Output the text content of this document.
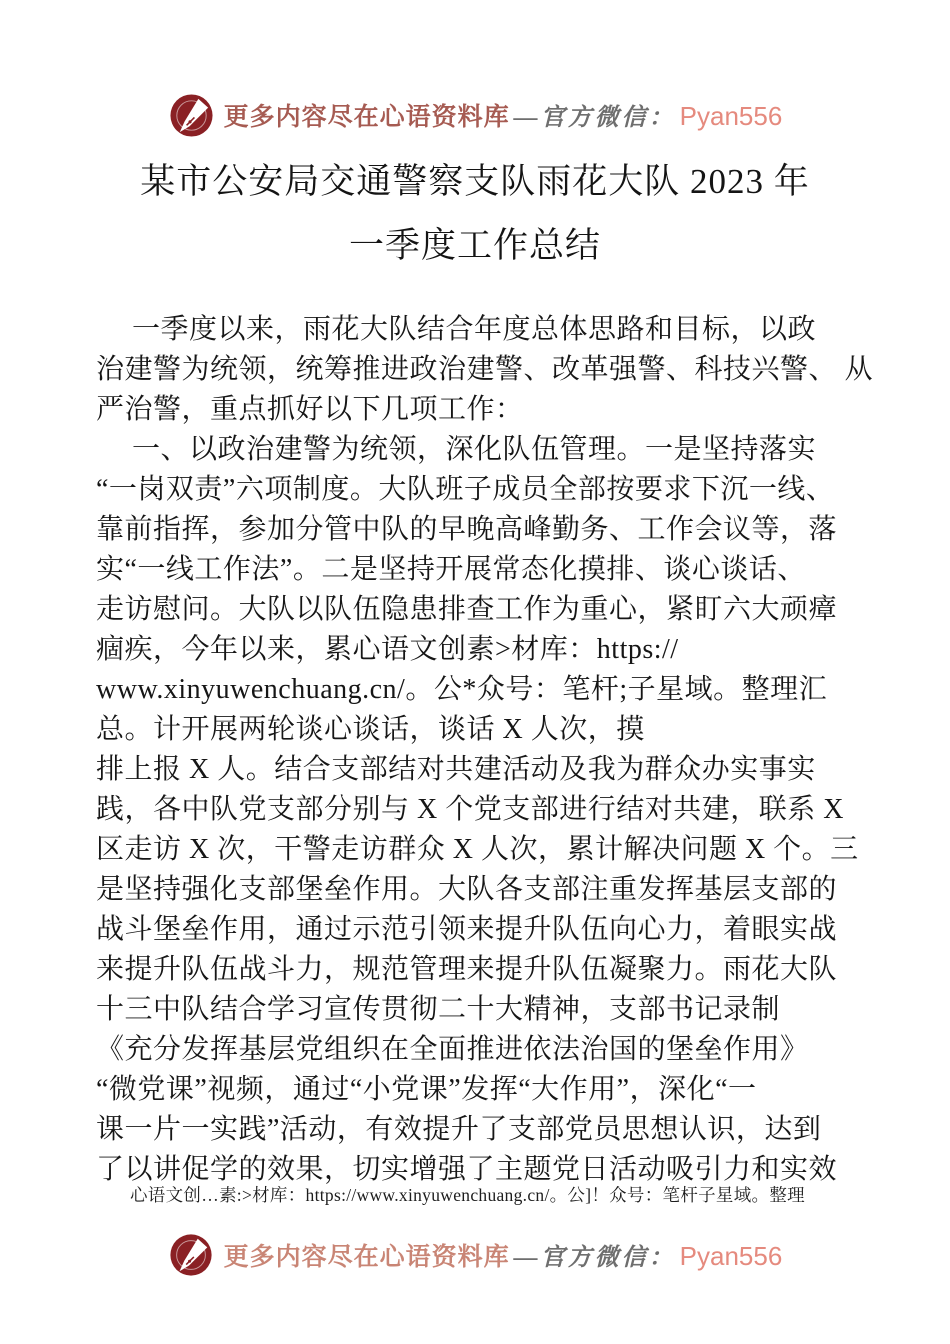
更多内容尽在心语资料库 —官方微信： Pyan556
某市公安局交通警察支队雨花大队 2023 年
一季度工作总结

一季度以来，雨花大队结合年度总体思路和目标，以政

治建警为统领，统筹推进政治建警、改革强警、科技兴警、 从

严治警，重点抓好以下几项工作：

一、以政治建警为统领，深化队伍管理。一是坚持落实

“一岗双责”六项制度。大队班子成员全部按要求下沉一线、

靠前指挥，参加分管中队的早晚高峰勤务、工作会议等，落

实“一线工作法”。二是坚持开展常态化摸排、谈心谈话、

走访慰问。大队以队伍隐患排查工作为重心，紧盯六大顽瘴

痼疾，今年以来，累心语文创素>材库：https://

www.xinyuwenchuang.cn/。公*众号：笔杆;子星域。整理汇

总。计开展两轮谈心谈话，谈话 X 人次，摸

排上报 X 人。结合支部结对共建活动及我为群众办实事实

践，各中队党支部分别与 X 个党支部进行结对共建，联系 X

区走访 X 次，干警走访群众 X 人次，累计解决问题 X 个。三

是坚持强化支部堡垒作用。大队各支部注重发挥基层支部的

战斗堡垒作用，通过示范引领来提升队伍向心力，着眼实战

来提升队伍战斗力，规范管理来提升队伍凝聚力。雨花大队

十三中队结合学习宣传贯彻二十大精神，支部书记录制

《充分发挥基层党组织在全面推进依法治国的堡垒作用》

“微党课”视频，通过“小党课”发挥“大作用”，深化“一

课一片一实践”活动，有效提升了支部党员思想认识，达到

了以讲促学的效果，切实增强了主题党日活动吸引力和实效

心语文创…素:>材库：https://www.xinyuwenchuang.cn/。公]！众号：笔杆子星域。整理
更多内容尽在心语资料库 —官方微信： Pyan556
